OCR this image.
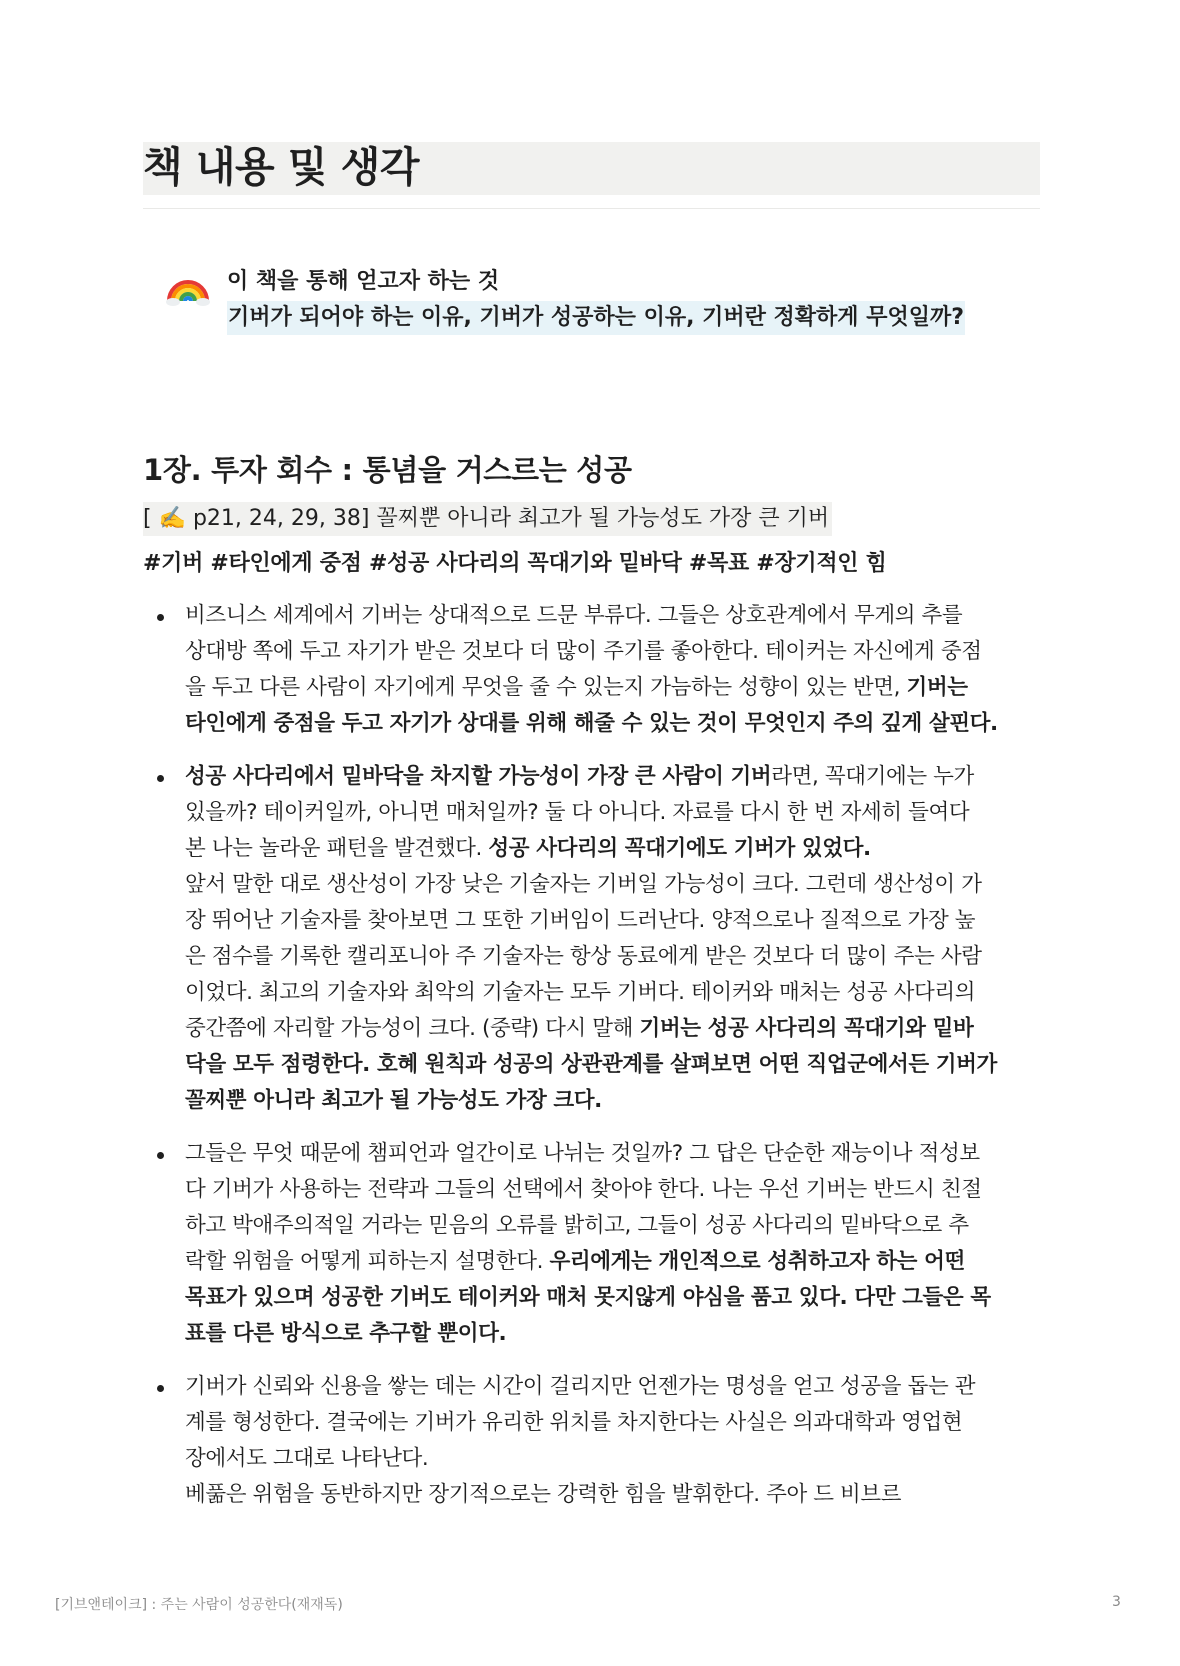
책 내용 및 생각
이 책을 통해 얻고자 하는 것
기버가 되어야 하는 이유, 기버가 성공하는 이유, 기버란 정확하게 무엇일까?
1장. 투자 회수 : 통념을 거스르는 성공
[ ✍️ p21, 24, 29, 38] 꼴찌뿐 아니라 최고가 될 가능성도 가장 큰 기버
#기버 #타인에게 중점 #성공 사다리의 꼭대기와 밑바닥 #목표 #장기적인 힘
비즈니스 세계에서 기버는 상대적으로 드문 부류다. 그들은 상호관계에서 무게의 추를
상대방 쪽에 두고 자기가 받은 것보다 더 많이 주기를 좋아한다. 테이커는 자신에게 중점
을 두고 다른 사람이 자기에게 무엇을 줄 수 있는지 가늠하는 성향이 있는 반면, 기버는
타인에게 중점을 두고 자기가 상대를 위해 해줄 수 있는 것이 무엇인지 주의 깊게 살핀다.
성공 사다리에서 밑바닥을 차지할 가능성이 가장 큰 사람이 기버라면, 꼭대기에는 누가
있을까? 테이커일까, 아니면 매처일까? 둘 다 아니다. 자료를 다시 한 번 자세히 들여다
본 나는 놀라운 패턴을 발견했다. 성공 사다리의 꼭대기에도 기버가 있었다.
앞서 말한 대로 생산성이 가장 낮은 기술자는 기버일 가능성이 크다. 그런데 생산성이 가
장 뛰어난 기술자를 찾아보면 그 또한 기버임이 드러난다. 양적으로나 질적으로 가장 높
은 점수를 기록한 캘리포니아 주 기술자는 항상 동료에게 받은 것보다 더 많이 주는 사람
이었다. 최고의 기술자와 최악의 기술자는 모두 기버다. 테이커와 매처는 성공 사다리의
중간쯤에 자리할 가능성이 크다. (중략) 다시 말해 기버는 성공 사다리의 꼭대기와 밑바
닥을 모두 점령한다. 호혜 원칙과 성공의 상관관계를 살펴보면 어떤 직업군에서든 기버가
꼴찌뿐 아니라 최고가 될 가능성도 가장 크다.
그들은 무엇 때문에 챔피언과 얼간이로 나뉘는 것일까? 그 답은 단순한 재능이나 적성보
다 기버가 사용하는 전략과 그들의 선택에서 찾아야 한다. 나는 우선 기버는 반드시 친절
하고 박애주의적일 거라는 믿음의 오류를 밝히고, 그들이 성공 사다리의 밑바닥으로 추
락할 위험을 어떻게 피하는지 설명한다. 우리에게는 개인적으로 성취하고자 하는 어떤
목표가 있으며 성공한 기버도 테이커와 매처 못지않게 야심을 품고 있다. 다만 그들은 목
표를 다른 방식으로 추구할 뿐이다.
기버가 신뢰와 신용을 쌓는 데는 시간이 걸리지만 언젠가는 명성을 얻고 성공을 돕는 관
계를 형성한다. 결국에는 기버가 유리한 위치를 차지한다는 사실은 의과대학과 영업현
장에서도 그대로 나타난다.
베풂은 위험을 동반하지만 장기적으로는 강력한 힘을 발휘한다. 주아 드 비브르
[기브앤테이크] : 주는 사람이 성공한다(재재독)	3
